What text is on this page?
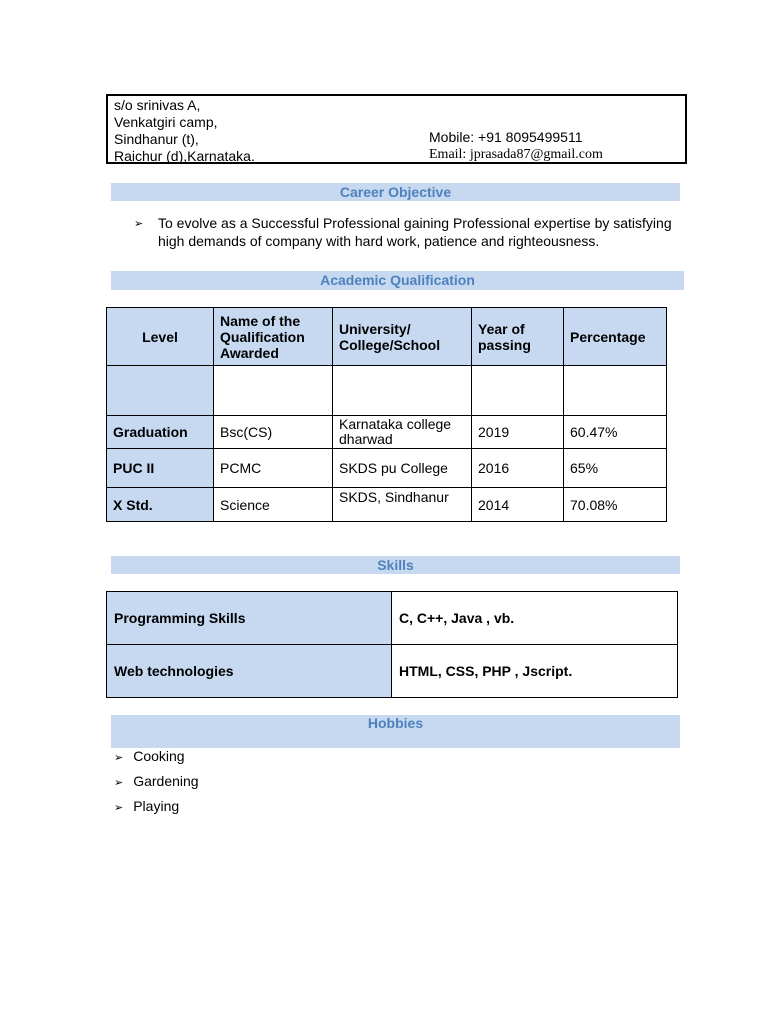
s/o srinivas A,
Venkatgiri camp,
Sindhanur (t),
Raichur (d),Karnataka.
Mobile: +91 8095499511
Email: jprasada87@gmail.com
Career Objective
➢ To evolve as a Successful Professional gaining Professional expertise by satisfying high demands of company with hard work, patience and righteousness.
Academic Qualification
Level	Name of the Qualification Awarded	University/ College/School	Year of passing	Percentage

Graduation	Bsc(CS)	Karnataka college dharwad	2019	60.47%
PUC II	PCMC	SKDS pu College	2016	65%
X Std.	Science	SKDS, Sindhanur	2014	70.08%
Skills
Programming Skills	C, C++, Java , vb.
Web technologies	HTML, CSS, PHP , Jscript.
Hobbies
➢ Cooking
➢ Gardening
➢ Playing
